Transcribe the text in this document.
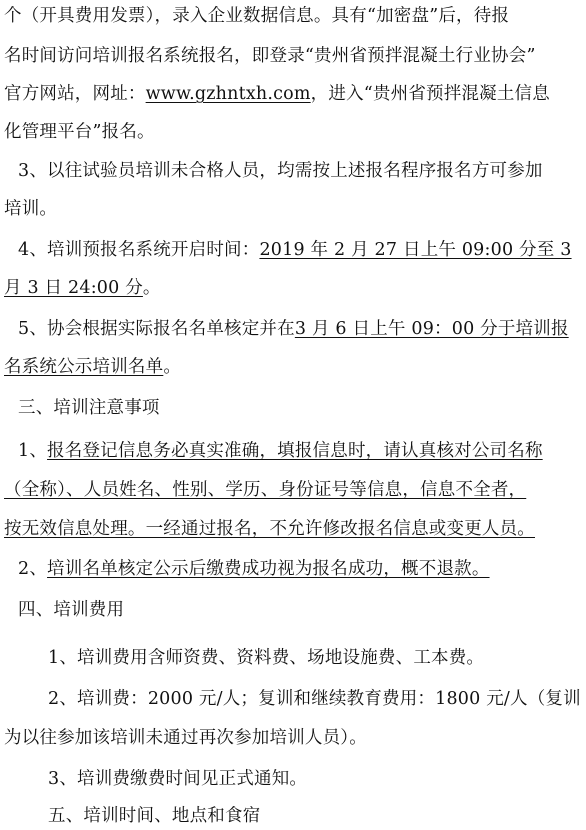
个（开具费用发票），录入企业数据信息。具有“加密盘”后，待报
名时间访问培训报名系统报名，即登录“贵州省预拌混凝土行业协会”
官方网站，网址：www.gzhntxh.com，进入“贵州省预拌混凝土信息
化管理平台”报名。
3、以往试验员培训未合格人员，均需按上述报名程序报名方可参加
培训。
4、培训预报名系统开启时间：2019 年 2 月 27 日上午 09:00 分至 3
月 3 日 24:00 分。
5、协会根据实际报名名单核定并在3 月 6 日上午 09：00 分于培训报
名系统公示培训名单。
三、培训注意事项
1、报名登记信息务必真实准确，填报信息时，请认真核对公司名称
（全称）、人员姓名、性别、学历、身份证号等信息，信息不全者，
按无效信息处理。一经通过报名，不允许修改报名信息或变更人员。
2、培训名单核定公示后缴费成功视为报名成功，概不退款。
四、培训费用
1、培训费用含师资费、资料费、场地设施费、工本费。
2、培训费：2000 元/人；复训和继续教育费用：1800 元/人（复训
为以往参加该培训未通过再次参加培训人员）。
3、培训费缴费时间见正式通知。
五、培训时间、地点和食宿
